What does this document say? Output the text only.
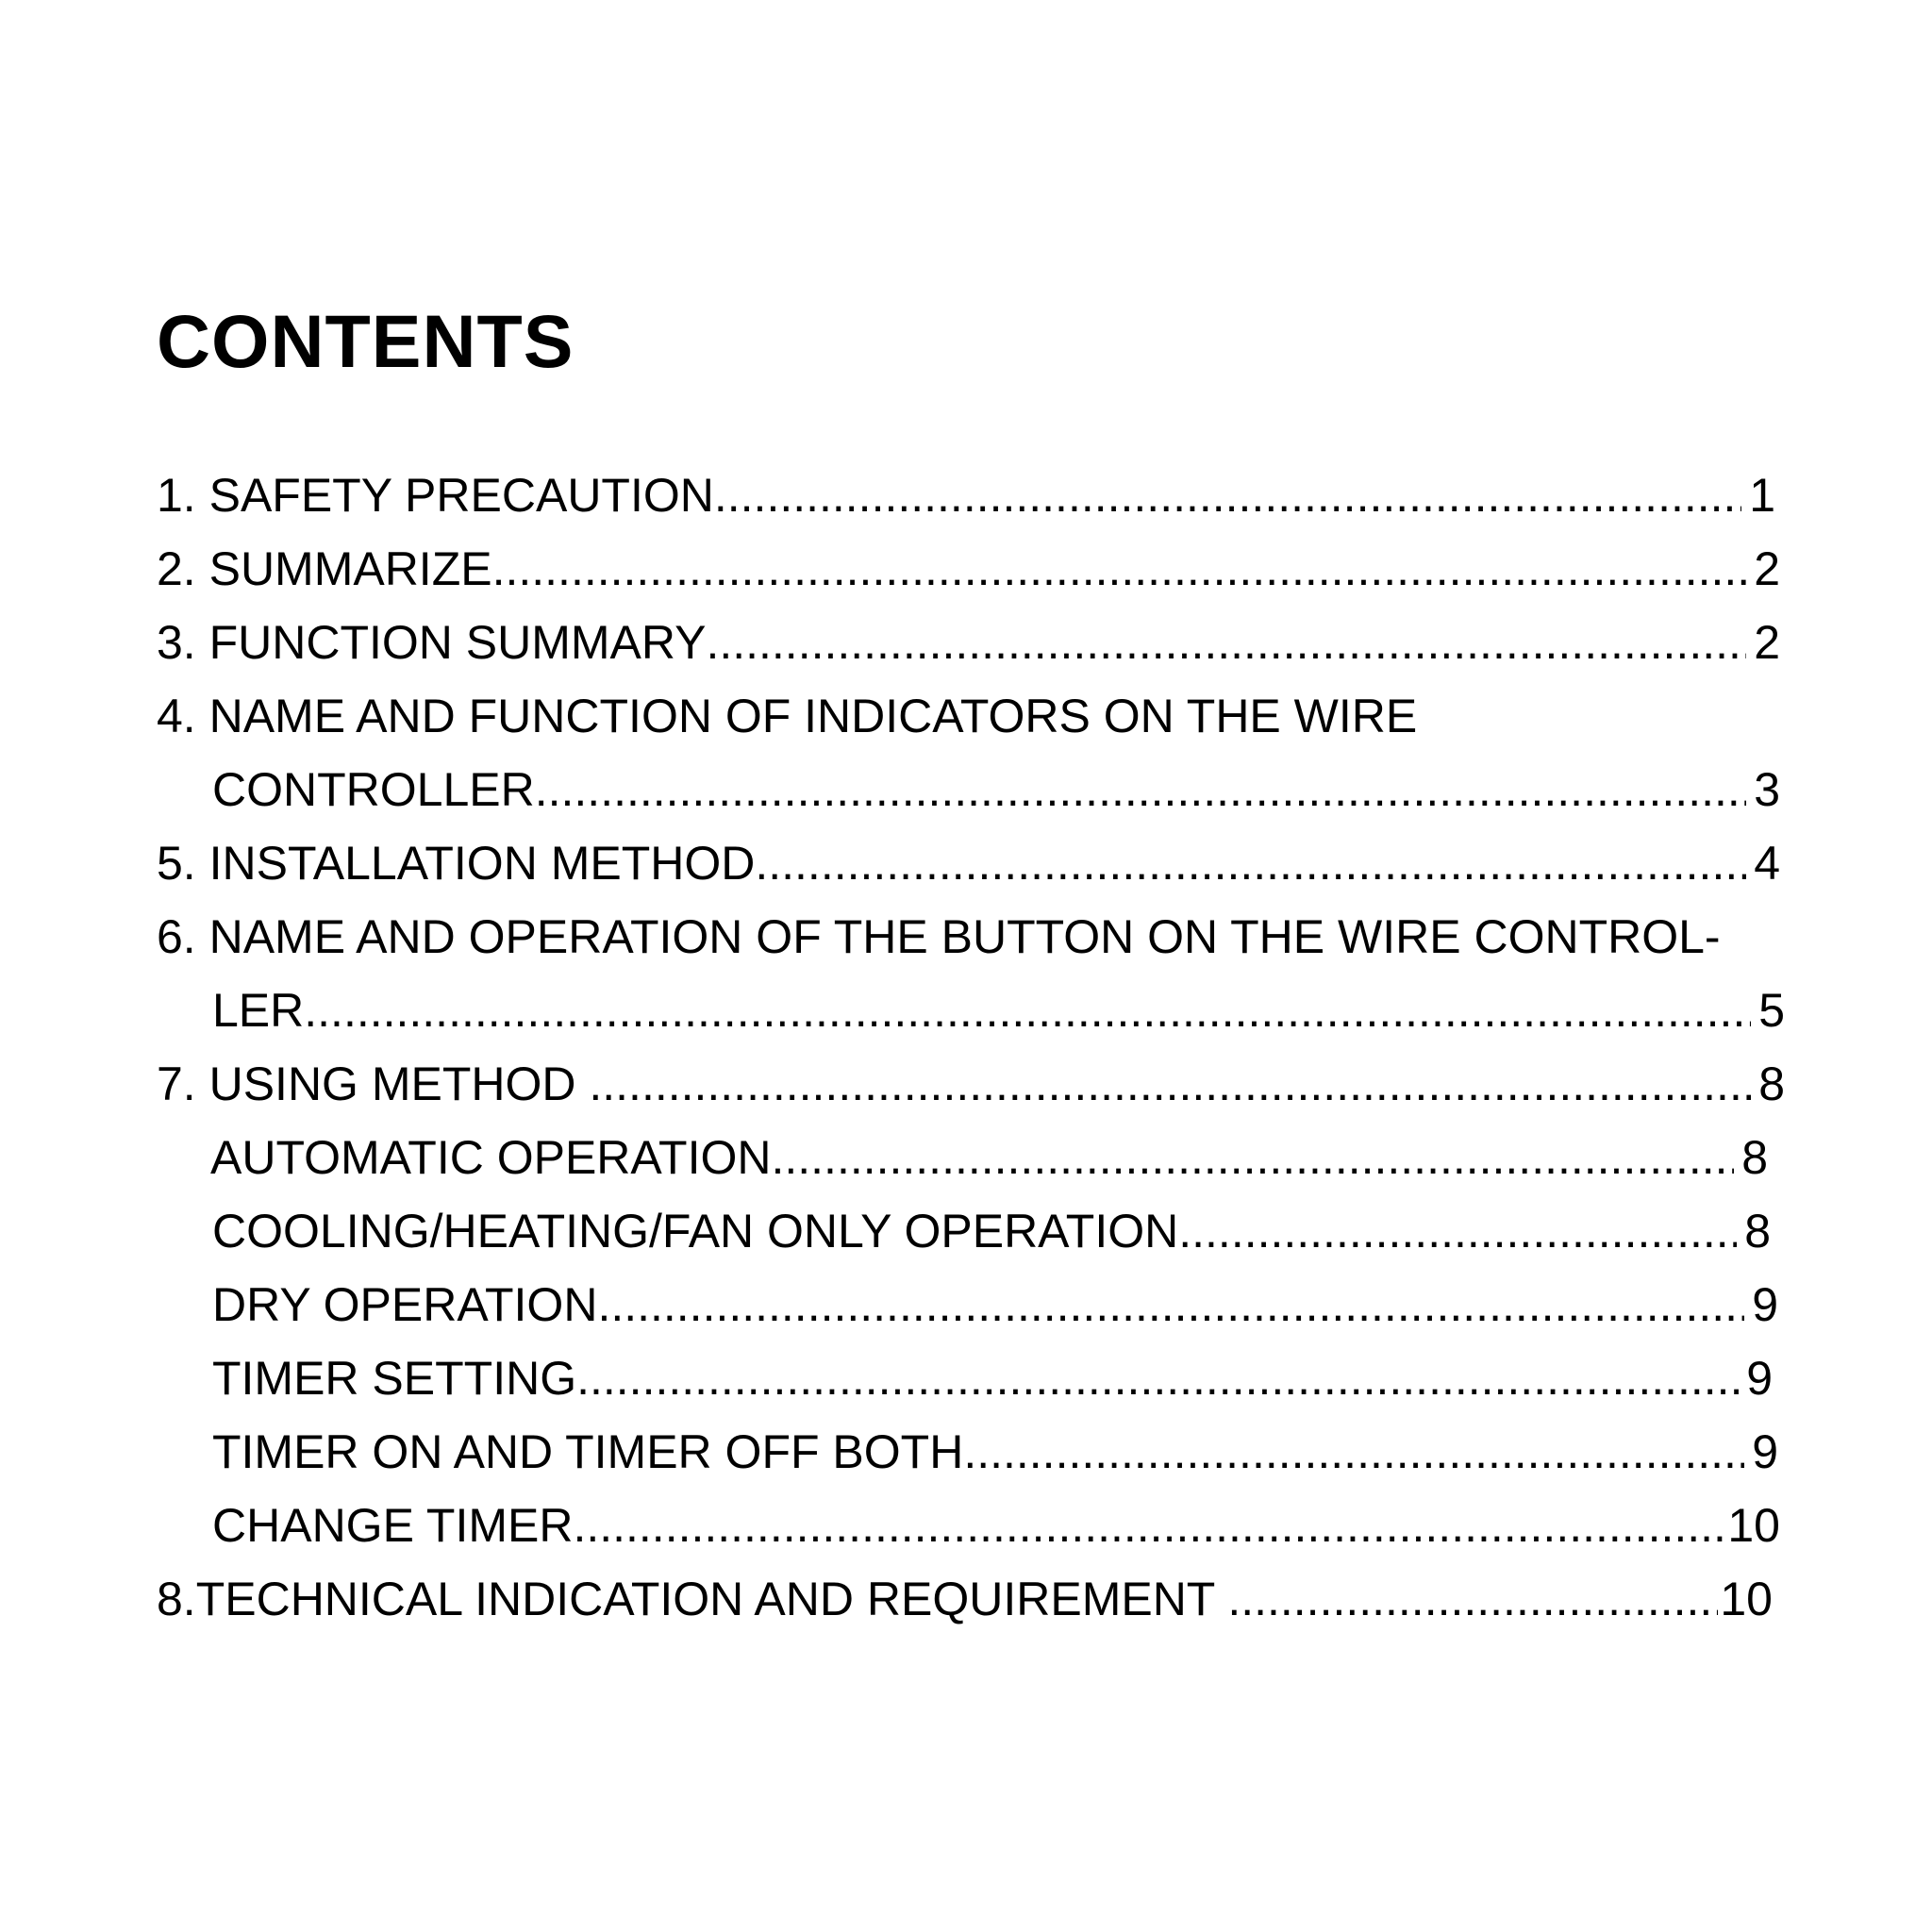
CONTENTS
1. SAFETY PRECAUTION .....	1
2. SUMMARIZE .....	2
3. FUNCTION SUMMARY .....	2
4. NAME AND FUNCTION OF INDICATORS ON THE WIRE
CONTROLLER .....	3
5. INSTALLATION METHOD .....	4
6. NAME AND OPERATION OF THE BUTTON ON THE WIRE CONTROL-
LER .....	5
7. USING METHOD .....	8
AUTOMATIC OPERATION .....	8
COOLING/HEATING/FAN ONLY OPERATION .....	8
DRY OPERATION .....	9
TIMER SETTING .....	9
TIMER ON AND TIMER OFF BOTH .....	9
CHANGE TIMER .....	10
8.TECHNICAL INDICATION AND REQUIREMENT .....	10
